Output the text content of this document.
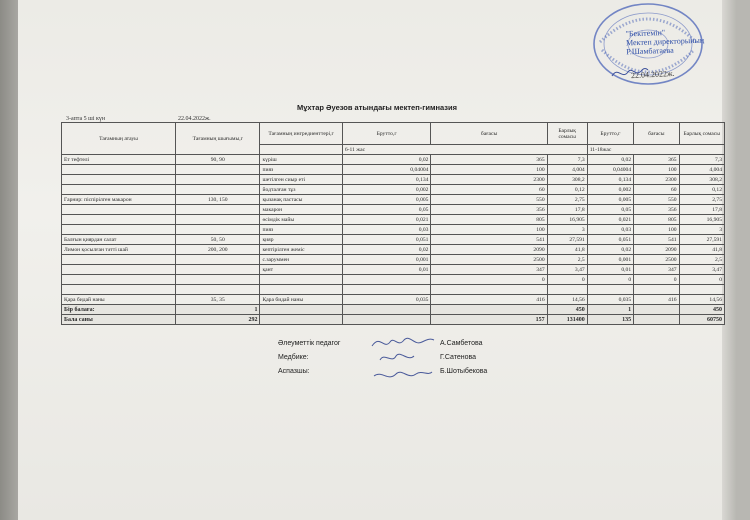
"Бекітемін"
Мектеп директорының
Р.Шамбатаева
22.04.2022ж.
Мұхтар Әуезов атындағы мектеп-гимназия
3-апта 5 ші күн	22.04.2022ж.
Тағамның атауы	Тағамның шығымы,г	Тағамның ингредиенттері,г	Брутто,г	бағасы	Барлық сомасы	Брутто,г	бағасы	Барлық сомасы
			6-11 жас			11-18жас		
Ет тефтелі	90, 90	күріш	0,02	365	7,3	0,02	365	7,3
		пияз	0,04004	100	4,004	0,04004	100	4,004
		шетілген сиыр еті	0,134	2300	308,2	0,134	2300	308,2
		йодталған тұз	0,002	60	0,12	0,002	60	0,12
Гарнир: піспірілген макарон	130, 150	қызанақ пастасы	0,005	550	2,75	0,005	550	2,75
		макарон	0,05	356	17,8	0,05	356	17,8
		өсімдік майы	0,021	805	16,905	0,021	805	16,905
		пияз	0,03	100	3	0,03	100	3
Балғын қиярдан салат	50, 50	қияр	0,051	541	27,591	0,051	541	27,591
Лимон қосылған тәтті шай	200, 200	кептірілген жеміс	0,02	2090	41,8	0,02	2090	41,8
		с.заруммен	0,001	2500	2,5	0,001	2500	2,5
		қант	0,01	347	3,47	0,01	347	3,47
				0	0	0	0	0

Қара бидай наны	35, 35	Қара бидай наны	0,035	416	14,56	0,035	416	14,56
Бір балаға:	1				450	1		450
Бала саны	292			157	131400	135		60750
Әлеуметтік педагог	А.Самбетова
Медбике:	Г.Сатенова
Аспазшы:	Б.Шотыбекова
